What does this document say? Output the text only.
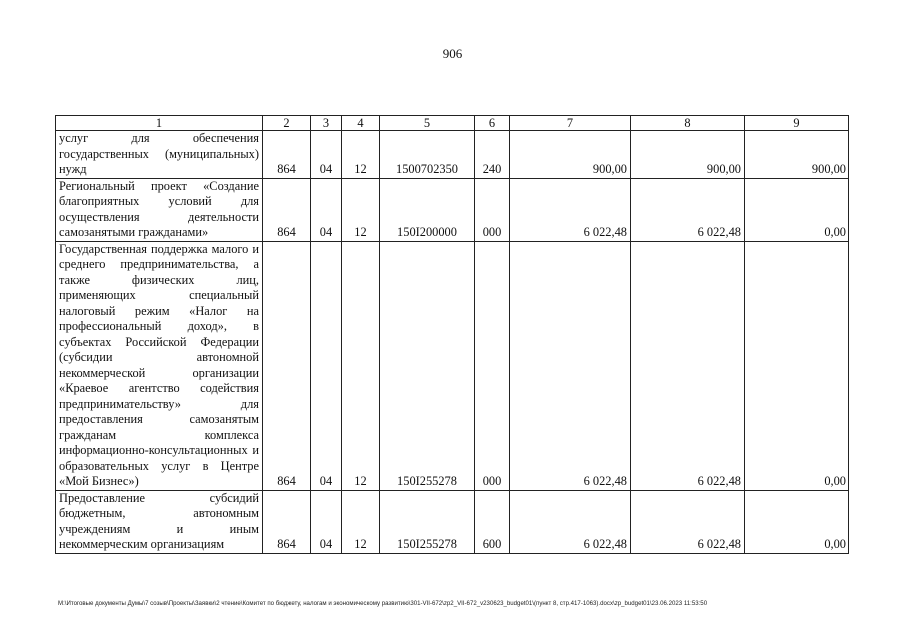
906
1	2	3	4	5	6	7	8	9
услуг для обеспечения государственных (муниципальных) нужд	864	04	12	1500702350	240	900,00	900,00	900,00
Региональный проект «Создание благоприятных условий для осуществления деятельности самозанятыми гражданами»	864	04	12	150I200000	000	6 022,48	6 022,48	0,00
Государственная поддержка малого и среднего предпринимательства, а также физических лиц, применяющих специальный налоговый режим «Налог на профессиональный доход», в субъектах Российской Федерации (субсидии автономной некоммерческой организации «Краевое агентство содействия предпринимательству» для предоставления самозанятым гражданам комплекса информационно-консультационных и образовательных услуг в Центре «Мой Бизнес»)	864	04	12	150I255278	000	6 022,48	6 022,48	0,00
Предоставление субсидий бюджетным, автономным учреждениям и иным некоммерческим организациям	864	04	12	150I255278	600	6 022,48	6 022,48	0,00
M:\Итоговые документы Думы\7 созыв\Проекты\Заявки\2 чтение\Комитет по бюджету, налогам и экономическому развитию\301-VII-672\zp2_VII-672_v230623_budget01\(пункт 8, стр.417-1063).docx\zp_budget01\23.06.2023 11:53:50
